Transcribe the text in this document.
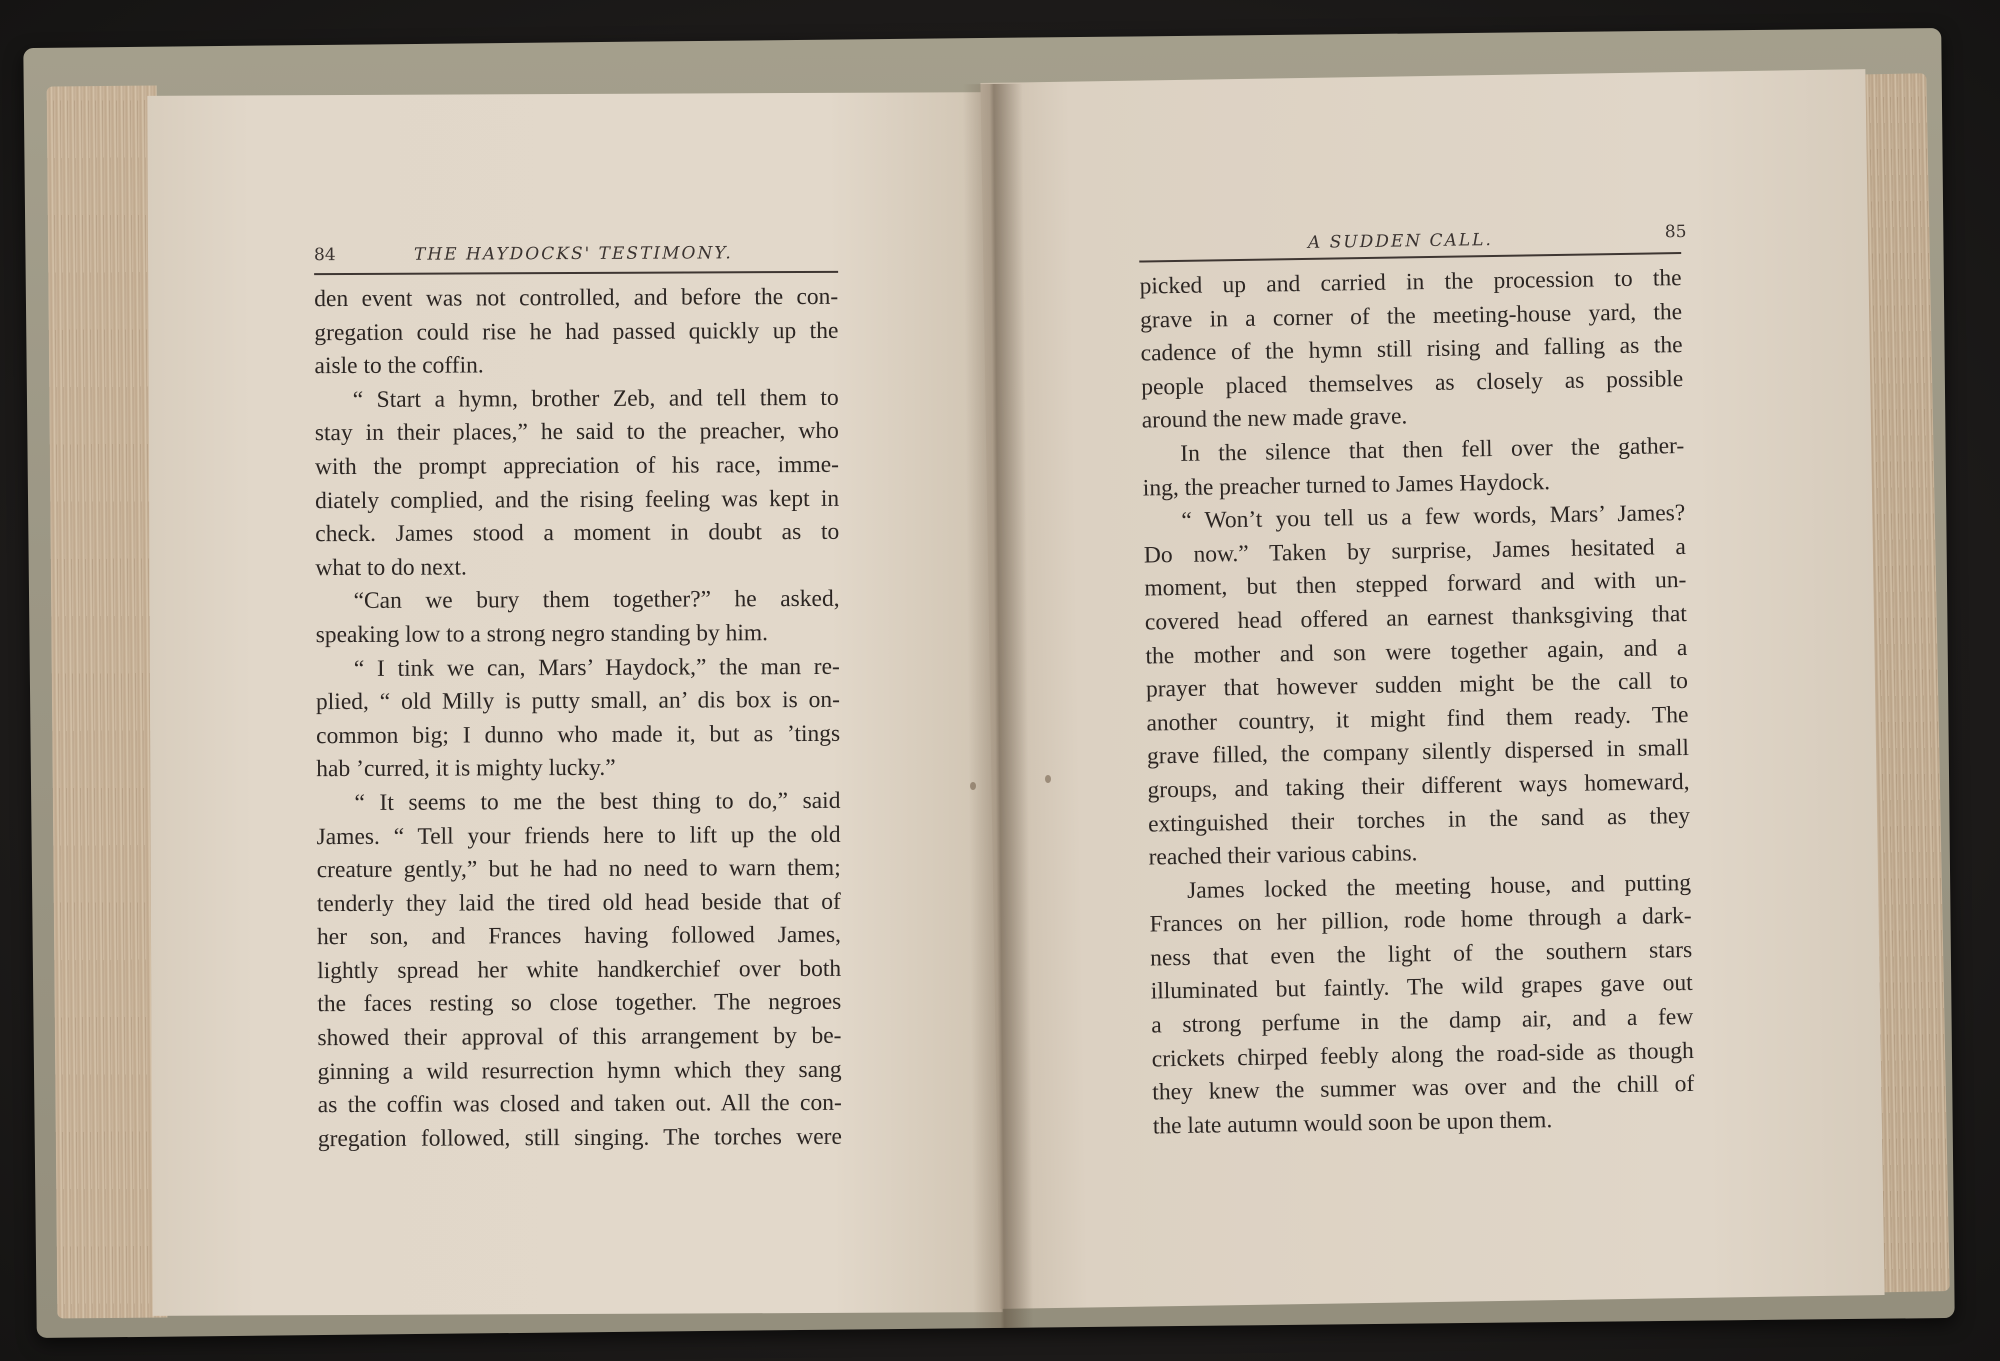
84	THE HAYDOCKS' TESTIMONY.
den event was not controlled, and before the con-
gregation could rise he had passed quickly up the
aisle to the coffin.
“ Start a hymn, brother Zeb, and tell them to
stay in their places,” he said to the preacher, who
with the prompt appreciation of his race, imme-
diately complied, and the rising feeling was kept in
check. James stood a moment in doubt as to
what to do next.
“Can we bury them together?” he asked,
speaking low to a strong negro standing by him.
“ I tink we can, Mars’ Haydock,” the man re-
plied, “ old Milly is putty small, an’ dis box is on-
common big; I dunno who made it, but as ’tings
hab ’curred, it is mighty lucky.”
“ It seems to me the best thing to do,” said
James. “ Tell your friends here to lift up the old
creature gently,” but he had no need to warn them;
tenderly they laid the tired old head beside that of
her son, and Frances having followed James,
lightly spread her white handkerchief over both
the faces resting so close together. The negroes
showed their approval of this arrangement by be-
ginning a wild resurrection hymn which they sang
as the coffin was closed and taken out. All the con-
gregation followed, still singing. The torches were
A SUDDEN CALL.	85
picked up and carried in the procession to the
grave in a corner of the meeting-house yard, the
cadence of the hymn still rising and falling as the
people placed themselves as closely as possible
around the new made grave.
In the silence that then fell over the gather-
ing, the preacher turned to James Haydock.
“ Won’t you tell us a few words, Mars’ James?
Do now.” Taken by surprise, James hesitated a
moment, but then stepped forward and with un-
covered head offered an earnest thanksgiving that
the mother and son were together again, and a
prayer that however sudden might be the call to
another country, it might find them ready. The
grave filled, the company silently dispersed in small
groups, and taking their different ways homeward,
extinguished their torches in the sand as they
reached their various cabins.
James locked the meeting house, and putting
Frances on her pillion, rode home through a dark-
ness that even the light of the southern stars
illuminated but faintly. The wild grapes gave out
a strong perfume in the damp air, and a few
crickets chirped feebly along the road-side as though
they knew the summer was over and the chill of
the late autumn would soon be upon them.
